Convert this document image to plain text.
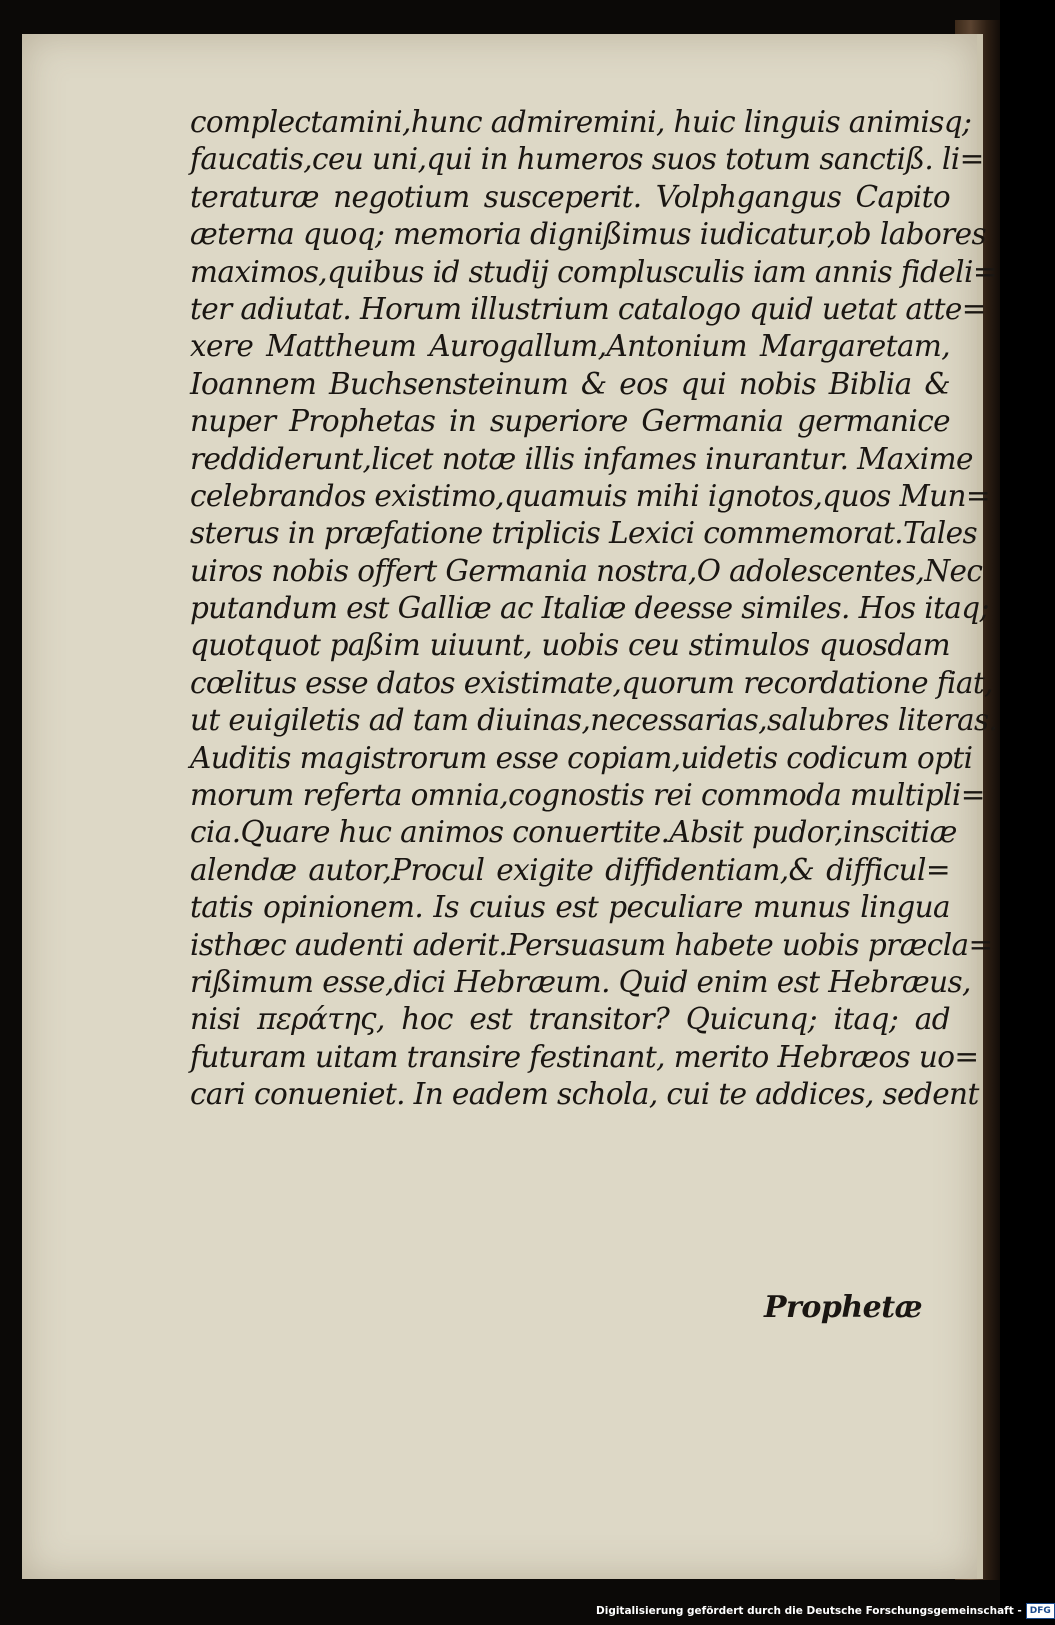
complectamini,hunc admiremini, huic linguis animisq;
faucatis,ceu uni,qui in humeros suos totum sanctiß. li=
teraturæ negotium susceperit. Volphgangus Capito
æterna quoq; memoria dignißimus iudicatur,ob labores
maximos,quibus id studij complusculis iam annis fideli=
ter adiutat. Horum illustrium catalogo quid uetat atte=
xere Mattheum Aurogallum,Antonium Margaretam,
Ioannem Buchsensteinum & eos qui nobis Biblia &
nuper Prophetas in superiore Germania germanice
reddiderunt,licet notæ illis infames inurantur. Maxime
celebrandos existimo,quamuis mihi ignotos,quos Mun=
sterus in præfatione triplicis Lexici commemorat.Tales
uiros nobis offert Germania nostra,O adolescentes,Nec
putandum est Galliæ ac Italiæ deesse similes. Hos itaq;
quotquot paßim uiuunt, uobis ceu stimulos quosdam
cœlitus esse datos existimate,quorum recordatione fiat,
ut euigiletis ad tam diuinas,necessarias,salubres literas.
Auditis magistrorum esse copiam,uidetis codicum opti
morum referta omnia,cognostis rei commoda multipli=
cia.Quare huc animos conuertite.Absit pudor,inscitiæ
alendæ autor,Procul exigite diffidentiam,& difficul=
tatis opinionem. Is cuius est peculiare munus lingua
isthæc audenti aderit.Persuasum habete uobis præcla=
rißimum esse,dici Hebræum. Quid enim est Hebræus,
nisi περάτης, hoc est transitor? Quicunq; itaq; ad
futuram uitam transire festinant, merito Hebræos uo=
cari conueniet. In eadem schola, cui te addices, sedent
Prophetæ
Digitalisierung gefördert durch die Deutsche Forschungsgemeinschaft - DFG
